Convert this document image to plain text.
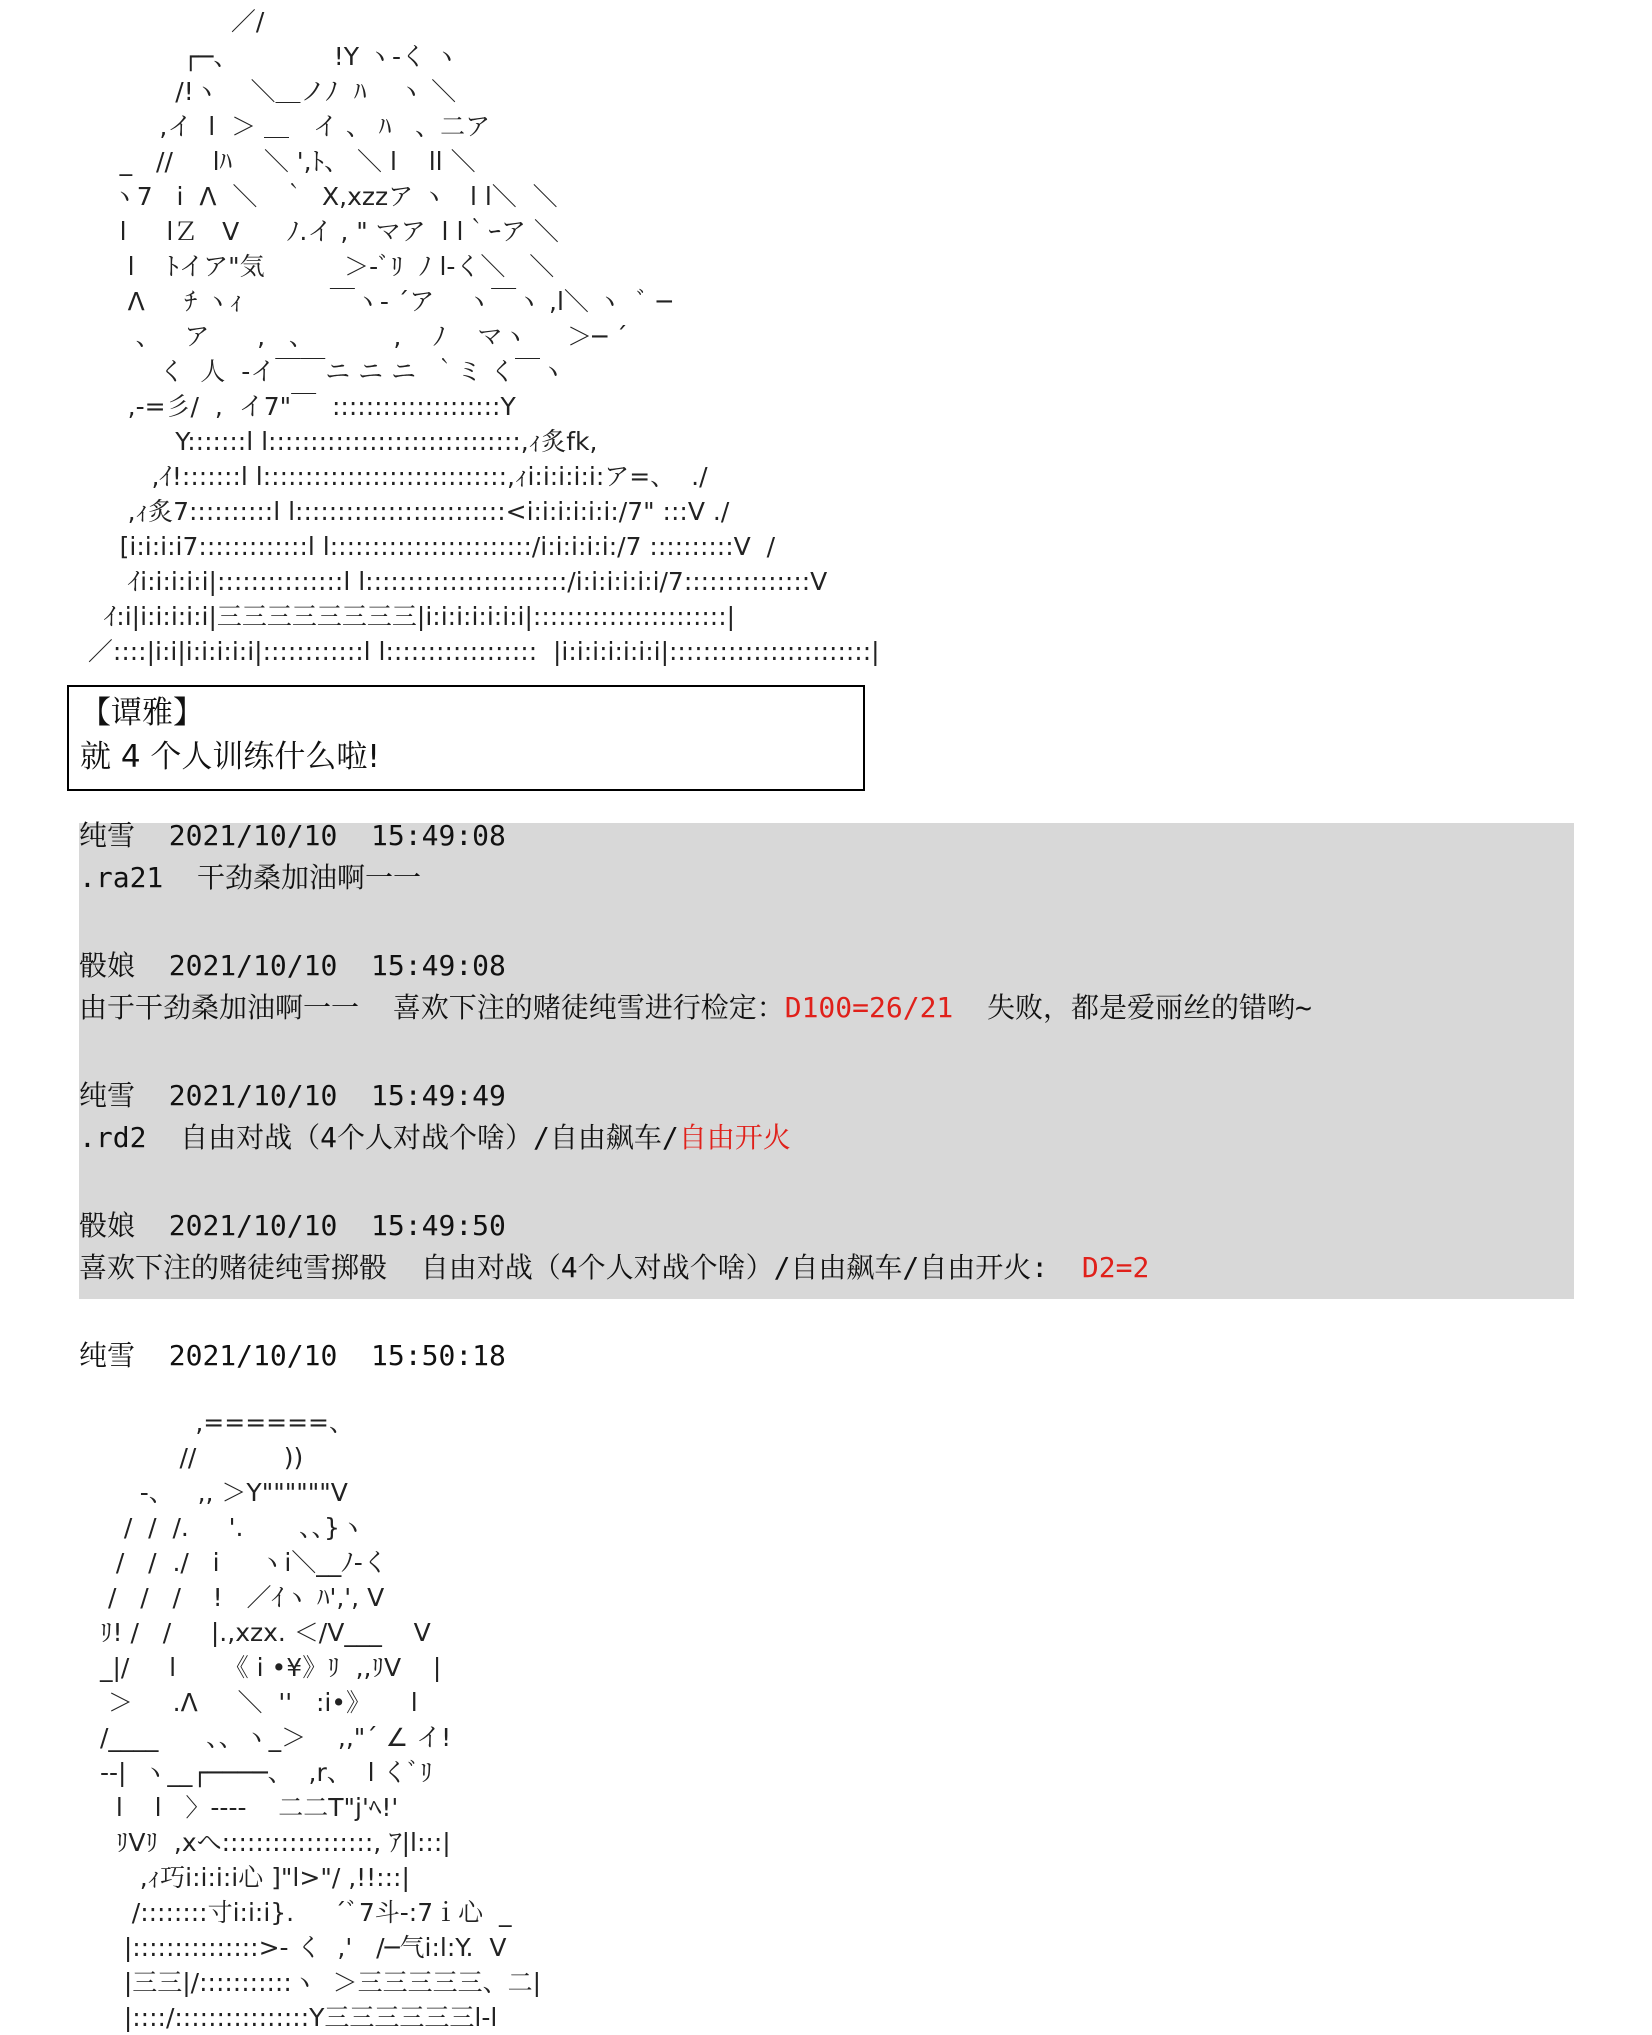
／/
┌─、            !Y ヽ-く ヽ
/!ヽ    ＼＿ノﾉ  ﾊ    ヽ ＼
,イ  l  ＞ ＿   イ 、 ﾊ   、二ア
_   //     lﾊ    ＼ ',ﾄ、 ＼ l    ll ＼
ヽ7   i  Λ  ＼   ｀  X,xzzア ヽ   l l＼  ＼
l     lＺ   V      ﾉ.イ , " マア  l l｀ｰア ＼
l    ﾄイア"気          ＞-ﾞﾘ  ﾉ l-く＼   ＼
Λ     ﾁ ヽｨ           ￣ヽ- ´ア    ヽ￣ヽ ,l＼ ヽ  ﾞ ─
、   ア      ,   、          ,    ﾉ    マヽ     ＞─ ´
く  人  -イ￣￣ニ ニ ニ  ｀ミ く￣ヽ
,-=彡/  ,  イ7"￣  ::::::::::::::::::::Y
Y:::::::l l::::::::::::::::::::::::::::::,ｨ炙fk,
,ｲ!:::::::l l:::::::::::::::::::::::::::::,ｨi:i:i:i:i:ア=、  ./
,ｨ炙7::::::::::l l:::::::::::::::::::::::::<i:i:i:i:i:i:/7" :::V ./
[i:i:i:i7:::::::::::::l l::::::::::::::::::::::::/i:i:i:i:i:/7 ::::::::::V  /
ｲi:i:i:i:i|:::::::::::::::l l::::::::::::::::::::::::/i:i:i:i:i:i/7:::::::::::::::V
ｲ:i|i:i:i:i:i|三三三三三三三三|i:i:i:i:i:i:i|:::::::::::::::::::::::|
／::::|i:i|i:i:i:i:i|::::::::::::l l::::::::::::::::::  |i:i:i:i:i:i:i|::::::::::::::::::::::::|
【谭雅】
就 4 个人训练什么啦!
纯雪 2021/10/10 15:49:08
.ra21  干劲桑加油啊一一
骰娘 2021/10/10 15:49:08
由于干劲桑加油啊一一  喜欢下注的赌徒纯雪进行检定：D100=26/21  失败，都是爱丽丝的错哟~
纯雪 2021/10/10 15:49:49
.rd2  自由对战（4个人对战个啥）/自由飙车/自由开火
骰娘 2021/10/10 15:49:50
喜欢下注的赌徒纯雪掷骰  自由对战（4个人对战个啥）/自由飙车/自由开火:  D2=2
纯雪 2021/10/10 15:50:18
,======、
//           ))
-、   ,, ＞Y""""""V
/  /  /.     '.       、、}ヽ
/   /  ./   i     ヽi＼__ﾉ-く
/   /   /    !   ／ｲヽ ﾊ',', V
ﾘ! /   /     |.,xzx. ＜/V___    V
_|/     l      《 i •¥》ﾘ  ,,ﾘV    |
＞     .Λ     ＼  ''   :i•》     l
/____      、、ヽ_＞    ,,"´ ∠ イ!
--|  ヽ__┌────、  ,r、  l くﾞﾘ
l    l   〉----    二二T"j'ﾍ!'
ﾘVﾘ  ,xへ::::::::::::::::::, ｱ|l:::|
,ｨ巧i:i:i:i心 ]"l>"/ ,!!:::|
/::::::::寸i:i:i}.     ´ﾞ7斗-:7ｉ心  _
|:::::::::::::::>- く  ,'   /─气i:l:Y.  V
|三三|/:::::::::::ヽ  ＞三三三三三、二|
|::::/::::::::::::::::Y三三三三三三l-l
